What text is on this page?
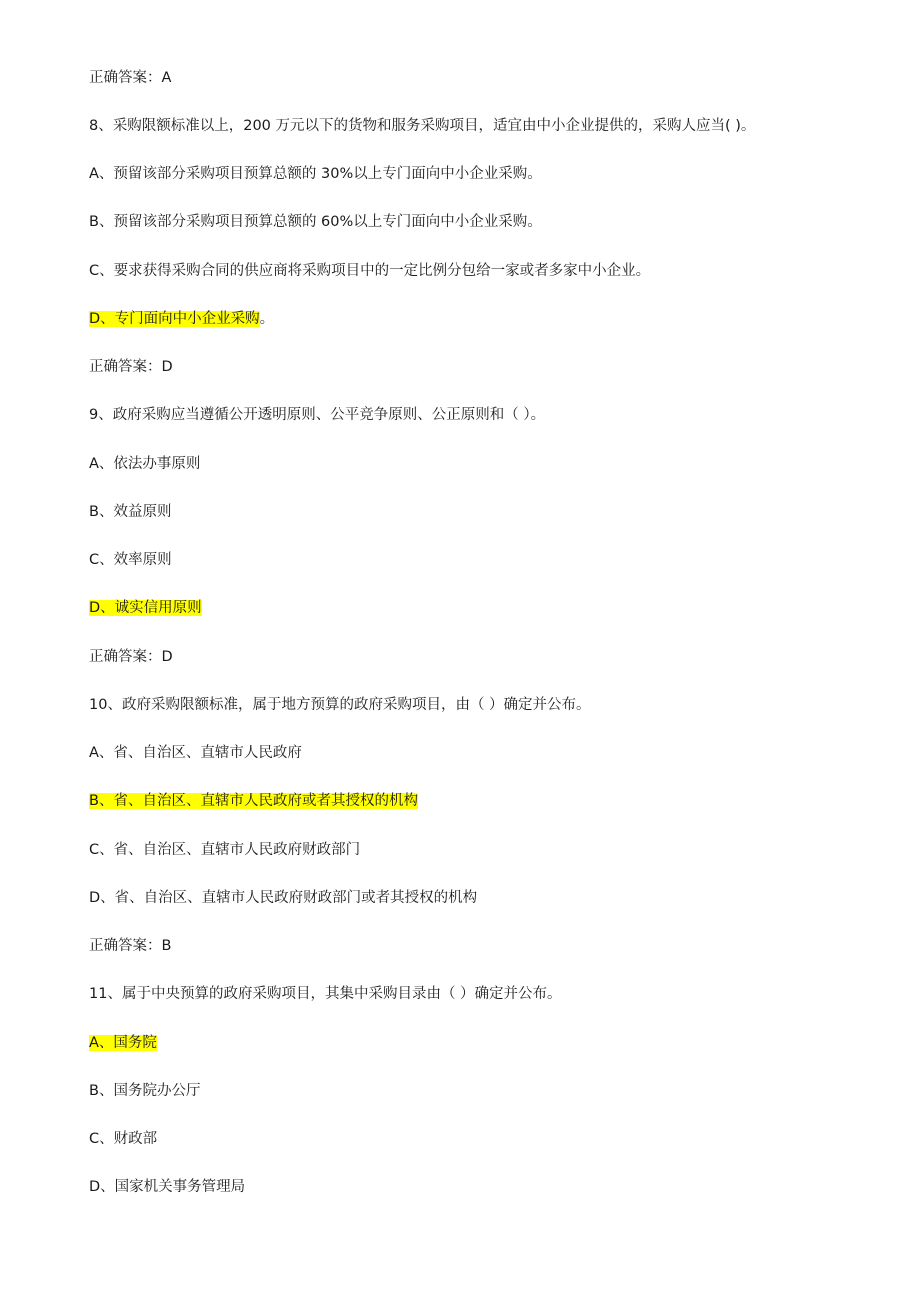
正确答案：A
8、采购限额标准以上，200 万元以下的货物和服务采购项目，适宜由中小企业提供的，采购人应当( )。
A、预留该部分采购项目预算总额的 30%以上专门面向中小企业采购。
B、预留该部分采购项目预算总额的 60%以上专门面向中小企业采购。
C、要求获得采购合同的供应商将采购项目中的一定比例分包给一家或者多家中小企业。
D、专门面向中小企业采购。
正确答案：D
9、政府采购应当遵循公开透明原则、公平竞争原则、公正原则和（ ）。
A、依法办事原则
B、效益原则
C、效率原则
D、诚实信用原则
正确答案：D
10、政府采购限额标准，属于地方预算的政府采购项目，由（ ）确定并公布。
A、省、自治区、直辖市人民政府
B、省、自治区、直辖市人民政府或者其授权的机构
C、省、自治区、直辖市人民政府财政部门
D、省、自治区、直辖市人民政府财政部门或者其授权的机构
正确答案：B
11、属于中央预算的政府采购项目，其集中采购目录由（ ）确定并公布。
A、国务院
B、国务院办公厅
C、财政部
D、国家机关事务管理局
